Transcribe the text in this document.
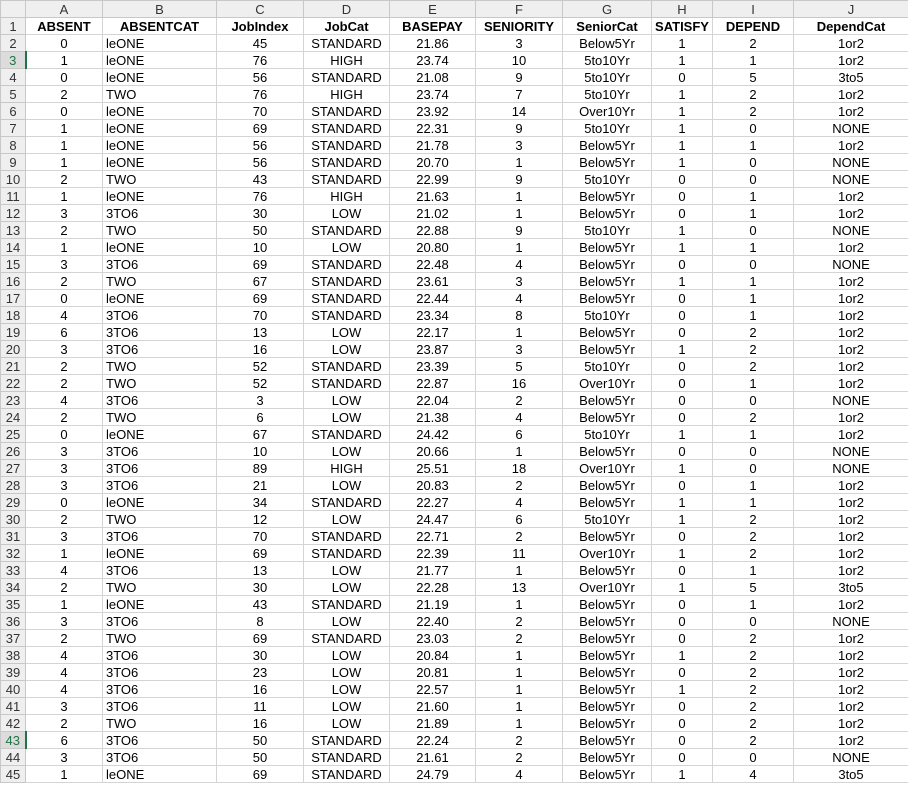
	A	B	C	D	E	F	G	H	I	J
1	ABSENT	ABSENTCAT	JobIndex	JobCat	BASEPAY	SENIORITY	SeniorCat	SATISFY	DEPEND	DependCat
2	0	leONE	45	STANDARD	21.86	3	Below5Yr	1	2	1or2
3	1	leONE	76	HIGH	23.74	10	5to10Yr	1	1	1or2
4	0	leONE	56	STANDARD	21.08	9	5to10Yr	0	5	3to5
5	2	TWO	76	HIGH	23.74	7	5to10Yr	1	2	1or2
6	0	leONE	70	STANDARD	23.92	14	Over10Yr	1	2	1or2
7	1	leONE	69	STANDARD	22.31	9	5to10Yr	1	0	NONE
8	1	leONE	56	STANDARD	21.78	3	Below5Yr	1	1	1or2
9	1	leONE	56	STANDARD	20.70	1	Below5Yr	1	0	NONE
10	2	TWO	43	STANDARD	22.99	9	5to10Yr	0	0	NONE
11	1	leONE	76	HIGH	21.63	1	Below5Yr	0	1	1or2
12	3	3TO6	30	LOW	21.02	1	Below5Yr	0	1	1or2
13	2	TWO	50	STANDARD	22.88	9	5to10Yr	1	0	NONE
14	1	leONE	10	LOW	20.80	1	Below5Yr	1	1	1or2
15	3	3TO6	69	STANDARD	22.48	4	Below5Yr	0	0	NONE
16	2	TWO	67	STANDARD	23.61	3	Below5Yr	1	1	1or2
17	0	leONE	69	STANDARD	22.44	4	Below5Yr	0	1	1or2
18	4	3TO6	70	STANDARD	23.34	8	5to10Yr	0	1	1or2
19	6	3TO6	13	LOW	22.17	1	Below5Yr	0	2	1or2
20	3	3TO6	16	LOW	23.87	3	Below5Yr	1	2	1or2
21	2	TWO	52	STANDARD	23.39	5	5to10Yr	0	2	1or2
22	2	TWO	52	STANDARD	22.87	16	Over10Yr	0	1	1or2
23	4	3TO6	3	LOW	22.04	2	Below5Yr	0	0	NONE
24	2	TWO	6	LOW	21.38	4	Below5Yr	0	2	1or2
25	0	leONE	67	STANDARD	24.42	6	5to10Yr	1	1	1or2
26	3	3TO6	10	LOW	20.66	1	Below5Yr	0	0	NONE
27	3	3TO6	89	HIGH	25.51	18	Over10Yr	1	0	NONE
28	3	3TO6	21	LOW	20.83	2	Below5Yr	0	1	1or2
29	0	leONE	34	STANDARD	22.27	4	Below5Yr	1	1	1or2
30	2	TWO	12	LOW	24.47	6	5to10Yr	1	2	1or2
31	3	3TO6	70	STANDARD	22.71	2	Below5Yr	0	2	1or2
32	1	leONE	69	STANDARD	22.39	11	Over10Yr	1	2	1or2
33	4	3TO6	13	LOW	21.77	1	Below5Yr	0	1	1or2
34	2	TWO	30	LOW	22.28	13	Over10Yr	1	5	3to5
35	1	leONE	43	STANDARD	21.19	1	Below5Yr	0	1	1or2
36	3	3TO6	8	LOW	22.40	2	Below5Yr	0	0	NONE
37	2	TWO	69	STANDARD	23.03	2	Below5Yr	0	2	1or2
38	4	3TO6	30	LOW	20.84	1	Below5Yr	1	2	1or2
39	4	3TO6	23	LOW	20.81	1	Below5Yr	0	2	1or2
40	4	3TO6	16	LOW	22.57	1	Below5Yr	1	2	1or2
41	3	3TO6	11	LOW	21.60	1	Below5Yr	0	2	1or2
42	2	TWO	16	LOW	21.89	1	Below5Yr	0	2	1or2
43	6	3TO6	50	STANDARD	22.24	2	Below5Yr	0	2	1or2
44	3	3TO6	50	STANDARD	21.61	2	Below5Yr	0	0	NONE
45	1	leONE	69	STANDARD	24.79	4	Below5Yr	1	4	3to5
